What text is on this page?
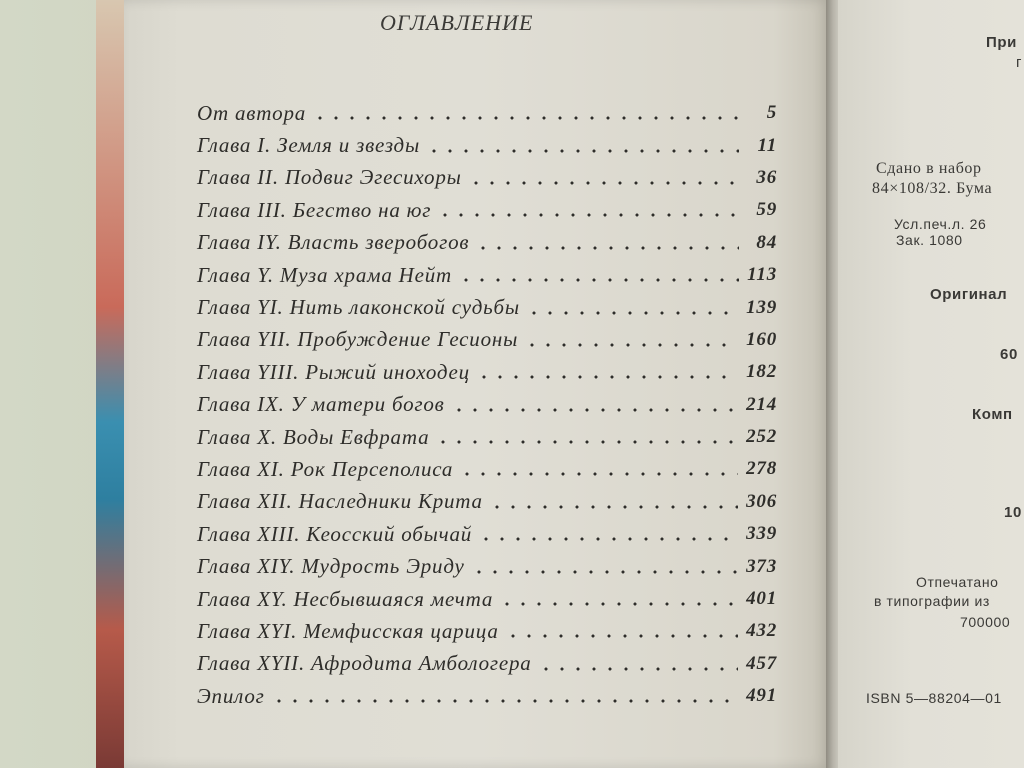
ОГЛАВЛЕНИЕ
От автора	5
Глава I. Земля и звезды	11
Глава II. Подвиг Эгесихоры	36
Глава III. Бегство на юг	59
Глава IY. Власть зверобогов	84
Глава Y. Муза храма Нейт	113
Глава YI. Нить лаконской судьбы	139
Глава YII. Пробуждение Гесионы	160
Глава YIII. Рыжий иноходец	182
Глава IX. У матери богов	214
Глава X. Воды Евфрата	252
Глава XI. Рок Персеполиса	278
Глава XII. Наследники Крита	306
Глава XIII. Кеосский обычай	339
Глава XIY. Мудрость Эриду	373
Глава XY. Несбывшаяся мечта	401
Глава XYI. Мемфисская царица	432
Глава XYII. Афродита Амбологера	457
Эпилог	491
При
г
Сдано в набор
84×108/32. Бума
Усл.печ.л. 26
Зак. 1080
Оригинал
60
Комп
10
Отпечатано
в типографии из
700000
ISBN 5—88204—01
